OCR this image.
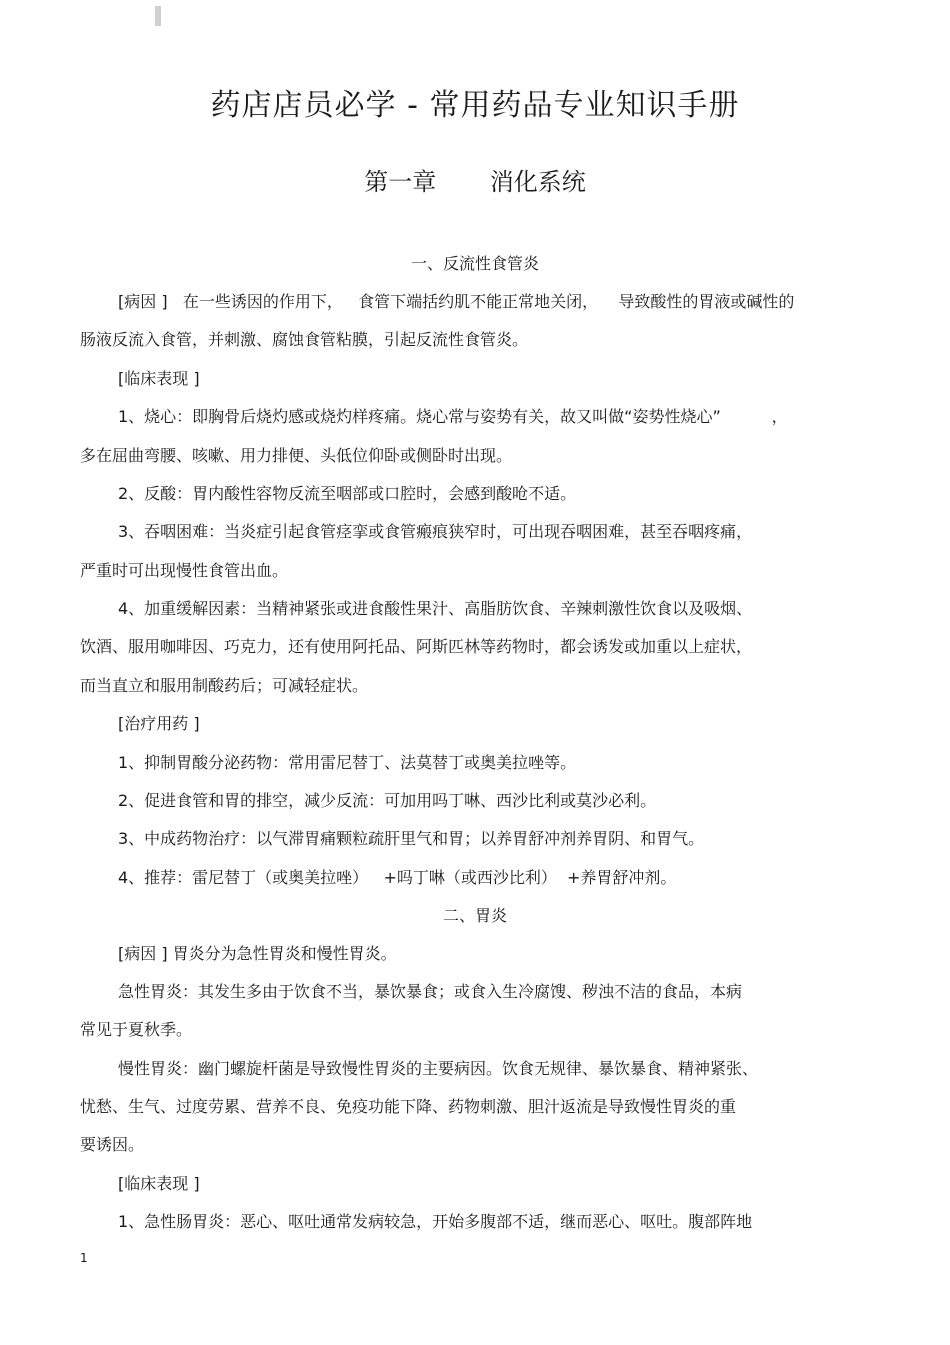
药店店员必学 - 常用药品专业知识手册
第一章       消化系统
一、反流性食管炎
[病因 ]   在一些诱因的作用下，   食管下端括约肌不能正常地关闭，    导致酸性的胃液或碱性的
肠液反流入食管，并刺激、腐蚀食管粘膜，引起反流性食管炎。
[临床表现 ]
1、烧心：即胸骨后烧灼感或烧灼样疼痛。烧心常与姿势有关，故又叫做“姿势性烧心”          ，
多在屈曲弯腰、咳嗽、用力排便、头低位仰卧或侧卧时出现。
2、反酸：胃内酸性容物反流至咽部或口腔时，会感到酸呛不适。
3、吞咽困难：当炎症引起食管痉挛或食管瘢痕狭窄时，可出现吞咽困难，甚至吞咽疼痛，
严重时可出现慢性食管出血。
4、加重缓解因素：当精神紧张或进食酸性果汁、高脂肪饮食、辛辣刺激性饮食以及吸烟、
饮酒、服用咖啡因、巧克力，还有使用阿托品、阿斯匹林等药物时，都会诱发或加重以上症状，
而当直立和服用制酸药后；可减轻症状。
[治疗用药 ]
1、抑制胃酸分泌药物：常用雷尼替丁、法莫替丁或奥美拉唑等。
2、促进食管和胃的排空，减少反流：可加用吗丁啉、西沙比利或莫沙必利。
3、中成药物治疗：以气滞胃痛颗粒疏肝里气和胃；以养胃舒冲剂养胃阴、和胃气。
4、推荐：雷尼替丁（或奥美拉唑）   +吗丁啉（或西沙比利）  +养胃舒冲剂。
二、胃炎
[病因 ] 胃炎分为急性胃炎和慢性胃炎。
急性胃炎：其发生多由于饮食不当，暴饮暴食；或食入生冷腐馊、秽浊不洁的食品，本病
常见于夏秋季。
慢性胃炎：幽门螺旋杆菌是导致慢性胃炎的主要病因。饮食无规律、暴饮暴食、精神紧张、
忧愁、生气、过度劳累、营养不良、免疫功能下降、药物刺激、胆汁返流是导致慢性胃炎的重
要诱因。
[临床表现 ]
1、急性肠胃炎：恶心、呕吐通常发病较急，开始多腹部不适，继而恶心、呕吐。腹部阵地
1
